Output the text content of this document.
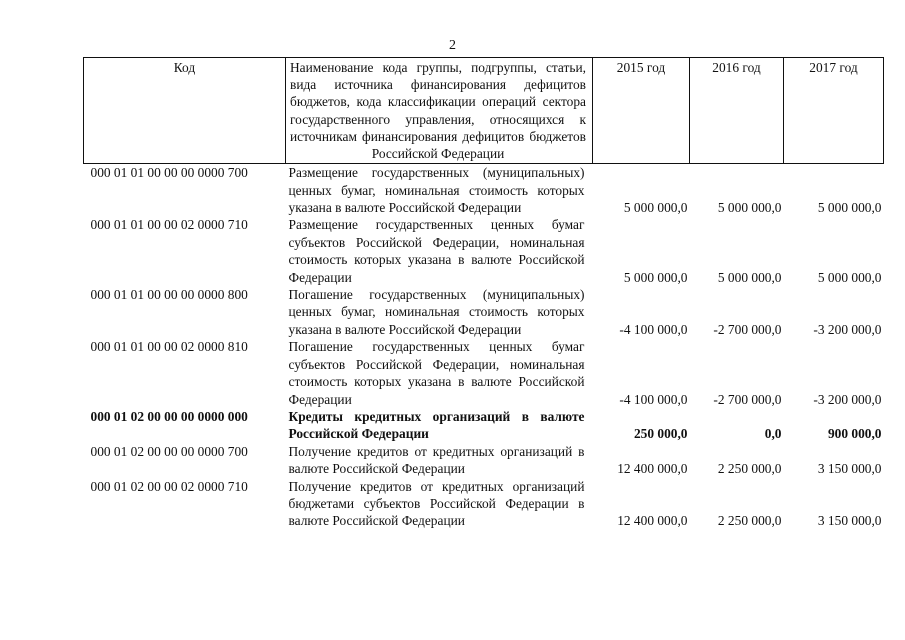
2
Код	Наименование кода группы, подгруппы, статьи, вида источника финансирования дефицитов бюджетов, кода классификации операций сектора государственного управления, относящихся к источникам финансирования дефицитов бюджетов Российской Федерации	2015 год	2016 год	2017 год
000 01 01 00 00 00 0000 700	Размещение государственных (муниципальных) ценных бумаг, номинальная стоимость которых указана в валюте Российской Федерации	5 000 000,0	5 000 000,0	5 000 000,0
000 01 01 00 00 02 0000 710	Размещение государственных ценных бумаг субъектов Российской Федерации, номинальная стоимость которых указана в валюте Российской Федерации	5 000 000,0	5 000 000,0	5 000 000,0
000 01 01 00 00 00 0000 800	Погашение государственных (муниципальных) ценных бумаг, номинальная стоимость которых указана в валюте Российской Федерации	-4 100 000,0	-2 700 000,0	-3 200 000,0
000 01 01 00 00 02 0000 810	Погашение государственных ценных бумаг субъектов Российской Федерации, номинальная стоимость которых указана в валюте Российской Федерации	-4 100 000,0	-2 700 000,0	-3 200 000,0
000 01 02 00 00 00 0000 000	Кредиты кредитных организаций в валюте Российской Федерации	250 000,0	0,0	900 000,0
000 01 02 00 00 00 0000 700	Получение кредитов от кредитных организаций в валюте Российской Федерации	12 400 000,0	2 250 000,0	3 150 000,0
000 01 02 00 00 02 0000 710	Получение кредитов от кредитных организаций бюджетами субъектов Российской Федерации в валюте Российской Федерации	12 400 000,0	2 250 000,0	3 150 000,0
